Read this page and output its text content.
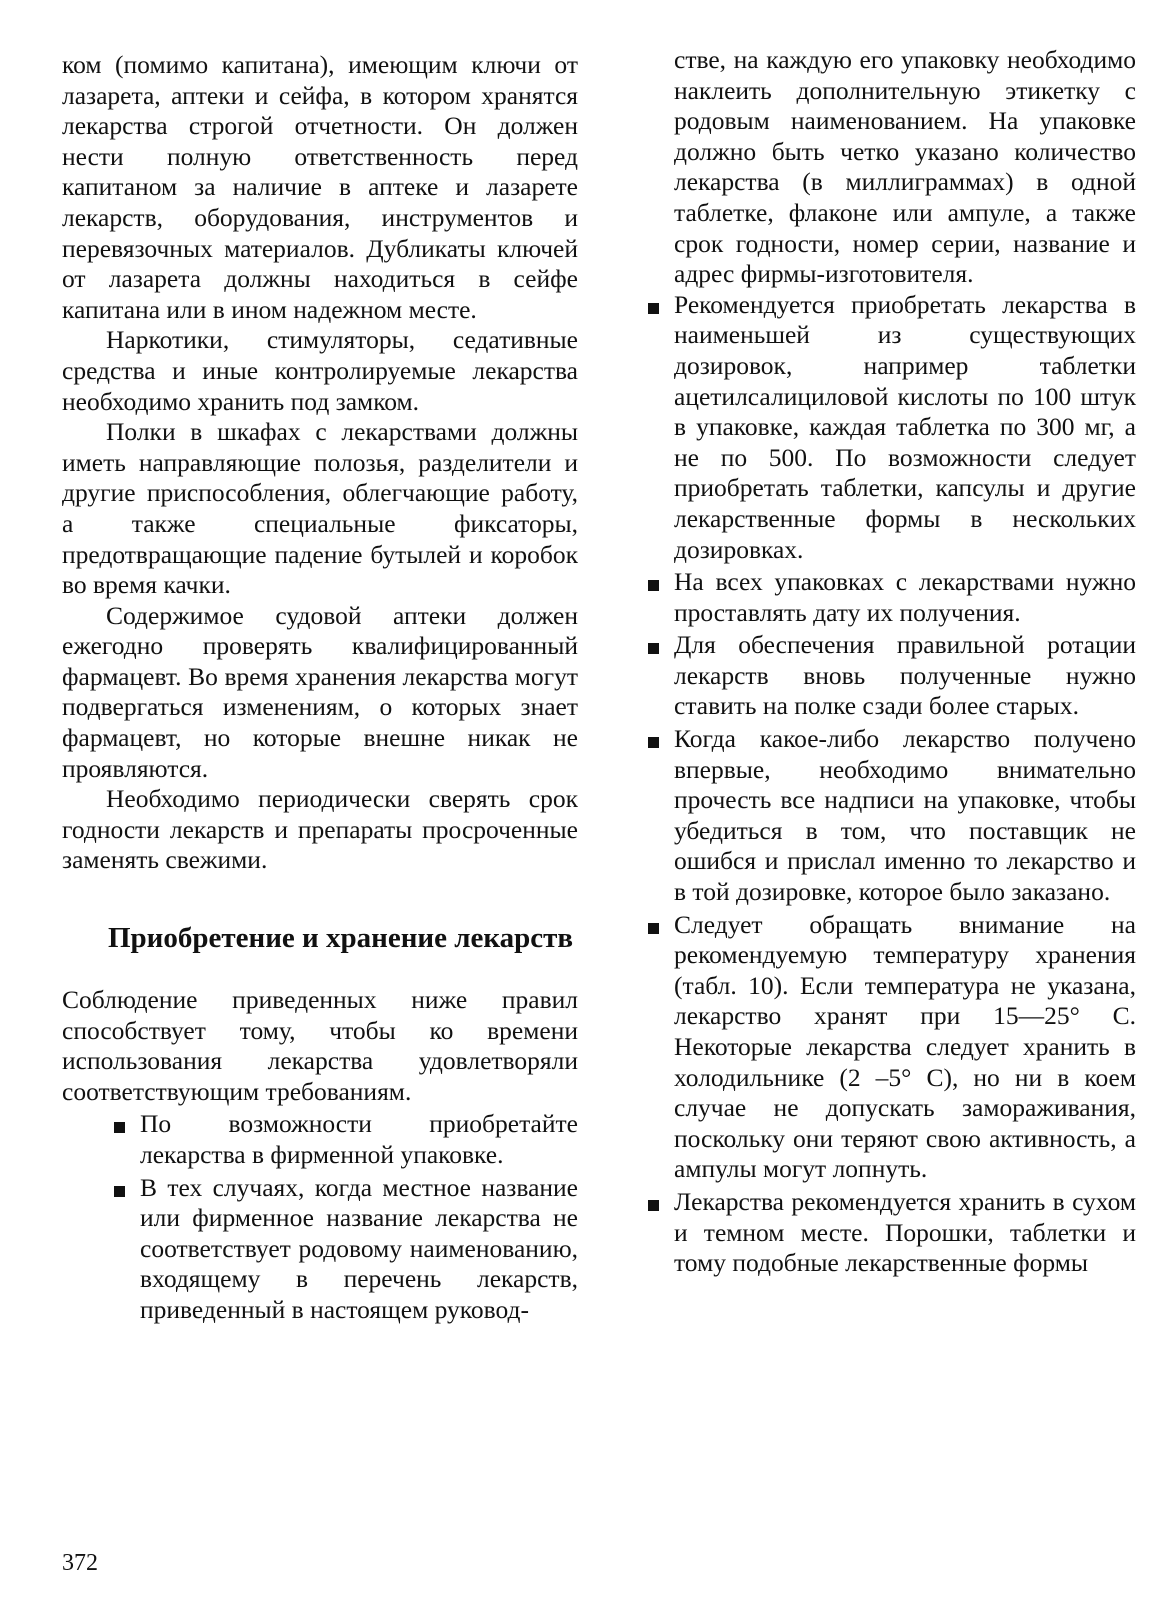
ком (помимо капитана), имеющим ключи от лазарета, аптеки и сейфа, в котором хранятся лекарства строгой отчетности. Он должен нести полную ответственность перед капитаном за наличие в аптеке и лазарете лекарств, оборудования, инструментов и перевязочных материалов. Дубликаты ключей от лазарета должны находиться в сейфе капитана или в ином надежном месте.

Наркотики, стимуляторы, седативные средства и иные контролируемые лекарства необходимо хранить под замком.

Полки в шкафах с лекарствами должны иметь направляющие полозья, разделители и другие приспособления, облегчающие работу, а также специальные фиксаторы, предотвращающие падение бутылей и коробок во время качки.

Содержимое судовой аптеки должен ежегодно проверять квалифицированный фармацевт. Во время хранения лекарства могут подвергаться изменениям, о которых знает фармацевт, но которые внешне никак не проявляются.

Необходимо периодически сверять срок годности лекарств и препараты просроченные заменять свежими.

Приобретение и хранение лекарств

Соблюдение приведенных ниже правил способствует тому, чтобы ко времени использования лекарства удовлетворяли соответствующим требованиям.

По возможности приобретайте лекарства в фирменной упаковке.
В тех случаях, когда местное название или фирменное название лекарства не соответствует родовому наименованию, входящему в перечень лекарств, приведенный в настоящем руковод-

стве, на каждую его упаковку необходимо наклеить дополнительную этикетку с родовым наименованием. На упаковке должно быть четко указано количество лекарства (в миллиграммах) в одной таблетке, флаконе или ампуле, а также срок годности, номер серии, название и адрес фирмы-изготовителя.

Рекомендуется приобретать лекарства в наименьшей из существующих дозировок, например таблетки ацетилсалициловой кислоты по 100 штук в упаковке, каждая таблетка по 300 мг, а не по 500. По возможности следует приобретать таблетки, капсулы и другие лекарственные формы в нескольких дозировках.
На всех упаковках с лекарствами нужно проставлять дату их получения.
Для обеспечения правильной ротации лекарств вновь полученные нужно ставить на полке сзади более старых.
Когда какое-либо лекарство получено впервые, необходимо внимательно прочесть все надписи на упаковке, чтобы убедиться в том, что поставщик не ошибся и прислал именно то лекарство и в той дозировке, которое было заказано.
Следует обращать внимание на рекомендуемую температуру хранения (табл. 10). Если температура не указана, лекарство хранят при 15—25° С. Некоторые лекарства следует хранить в холодильнике (2 –5° С), но ни в коем случае не допускать замораживания, поскольку они теряют свою активность, а ампулы могут лопнуть.
Лекарства рекомендуется хранить в сухом и темном месте. Порошки, таблетки и тому подобные лекарственные формы
372
